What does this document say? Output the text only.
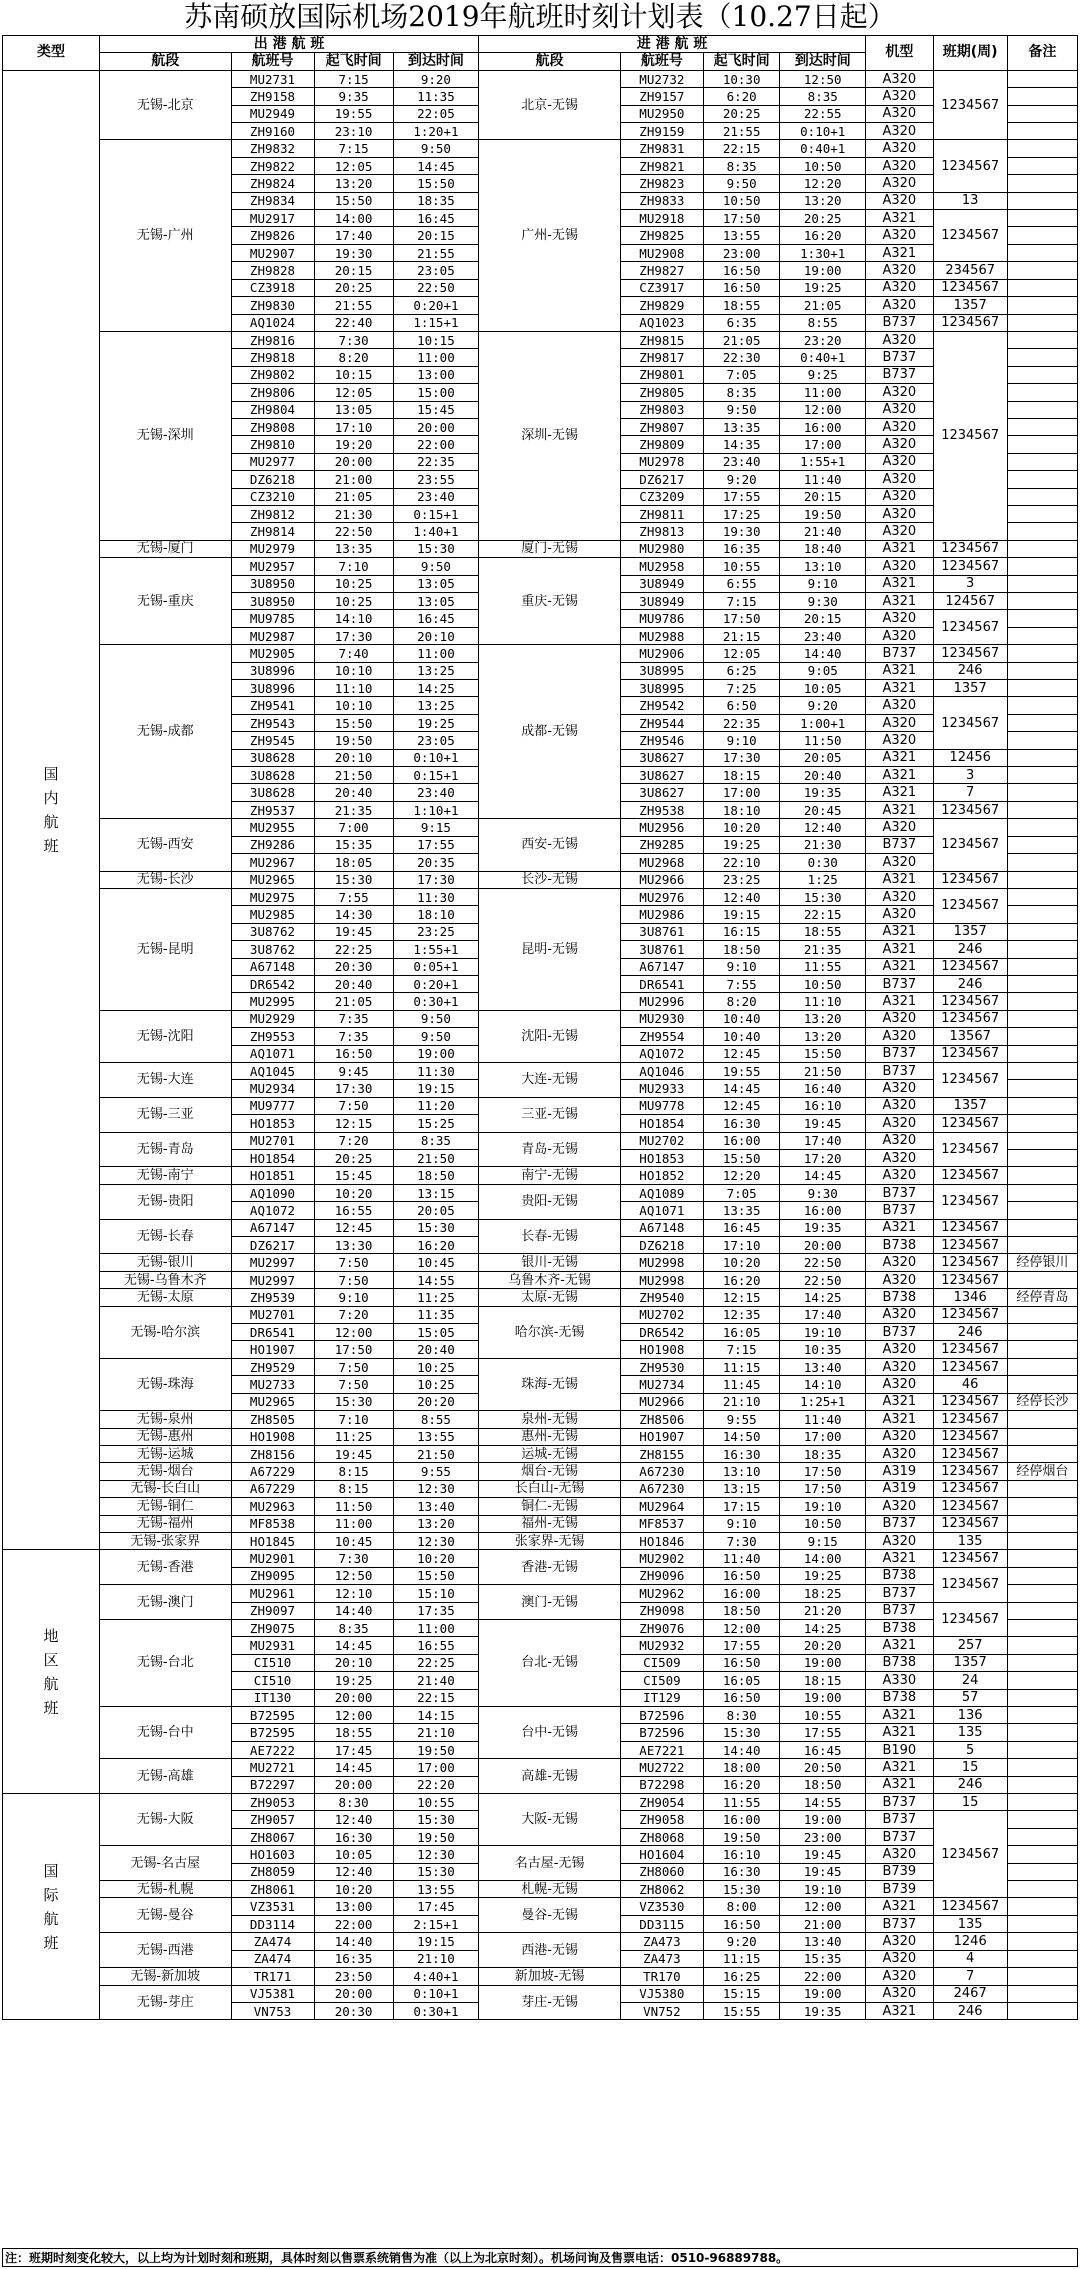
苏南硕放国际机场2019年航班时刻计划表（10.27日起）
类型	出 港 航 班				进 港 航 班				机型	班期(周)	备注
	航段	航班号	起飞时间	到达时间	航段	航班号	起飞时间	到达时间			
国
内
航
班	无锡-北京	MU2731	7:15	9:20	北京-无锡	MU2732	10:30	12:50	A320	1234567	
		ZH9158	9:35	11:35		ZH9157	6:20	8:35	A320		
		MU2949	19:55	22:05		MU2950	20:25	22:55	A320		
		ZH9160	23:10	1:20+1		ZH9159	21:55	0:10+1	A320		
	无锡-广州	ZH9832	7:15	9:50	广州-无锡	ZH9831	22:15	0:40+1	A320	1234567	
		ZH9822	12:05	14:45		ZH9821	8:35	10:50	A320		
		ZH9824	13:20	15:50		ZH9823	9:50	12:20	A320		
		ZH9834	15:50	18:35		ZH9833	10:50	13:20	A320	13	
		MU2917	14:00	16:45		MU2918	17:50	20:25	A321	1234567	
		ZH9826	17:40	20:15		ZH9825	13:55	16:20	A320		
		MU2907	19:30	21:55		MU2908	23:00	1:30+1	A321		
		ZH9828	20:15	23:05		ZH9827	16:50	19:00	A320	234567	
		CZ3918	20:25	22:50		CZ3917	16:50	19:25	A320	1234567	
		ZH9830	21:55	0:20+1		ZH9829	18:55	21:05	A320	1357	
		AQ1024	22:40	1:15+1		AQ1023	6:35	8:55	B737	1234567	
	无锡-深圳	ZH9816	7:30	10:15	深圳-无锡	ZH9815	21:05	23:20	A320	1234567	
		ZH9818	8:20	11:00		ZH9817	22:30	0:40+1	B737		
		ZH9802	10:15	13:00		ZH9801	7:05	9:25	B737		
		ZH9806	12:05	15:00		ZH9805	8:35	11:00	A320		
		ZH9804	13:05	15:45		ZH9803	9:50	12:00	A320		
		ZH9808	17:10	20:00		ZH9807	13:35	16:00	A320		
		ZH9810	19:20	22:00		ZH9809	14:35	17:00	A320		
		MU2977	20:00	22:35		MU2978	23:40	1:55+1	A320		
		DZ6218	21:00	23:55		DZ6217	9:20	11:40	A320		
		CZ3210	21:05	23:40		CZ3209	17:55	20:15	A320		
		ZH9812	21:30	0:15+1		ZH9811	17:25	19:50	A320		
		ZH9814	22:50	1:40+1		ZH9813	19:30	21:40	A320		
	无锡-厦门	MU2979	13:35	15:30	厦门-无锡	MU2980	16:35	18:40	A321	1234567	
	无锡-重庆	MU2957	7:10	9:50	重庆-无锡	MU2958	10:55	13:10	A320	1234567	
		3U8950	10:25	13:05		3U8949	6:55	9:10	A321	3	
		3U8950	10:25	13:05		3U8949	7:15	9:30	A321	124567	
		MU9785	14:10	16:45		MU9786	17:50	20:15	A320	1234567	
		MU2987	17:30	20:10		MU2988	21:15	23:40	A320		
	无锡-成都	MU2905	7:40	11:00	成都-无锡	MU2906	12:05	14:40	B737	1234567	
		3U8996	10:10	13:25		3U8995	6:25	9:05	A321	246	
		3U8996	11:10	14:25		3U8995	7:25	10:05	A321	1357	
		ZH9541	10:10	13:25		ZH9542	6:50	9:20	A320	1234567	
		ZH9543	15:50	19:25		ZH9544	22:35	1:00+1	A320		
		ZH9545	19:50	23:05		ZH9546	9:10	11:50	A320		
		3U8628	20:10	0:10+1		3U8627	17:30	20:05	A321	12456	
		3U8628	21:50	0:15+1		3U8627	18:15	20:40	A321	3	
		3U8628	20:40	23:40		3U8627	17:00	19:35	A321	7	
		ZH9537	21:35	1:10+1		ZH9538	18:10	20:45	A321	1234567	
	无锡-西安	MU2955	7:00	9:15	西安-无锡	MU2956	10:20	12:40	A320	1234567	
		ZH9286	15:35	17:55		ZH9285	19:25	21:30	B737		
		MU2967	18:05	20:35		MU2968	22:10	0:30	A320		
	无锡-长沙	MU2965	15:30	17:30	长沙-无锡	MU2966	23:25	1:25	A321	1234567	
	无锡-昆明	MU2975	7:55	11:30	昆明-无锡	MU2976	12:40	15:30	A320	1234567	
		MU2985	14:30	18:10		MU2986	19:15	22:15	A320		
		3U8762	19:45	23:25		3U8761	16:15	18:55	A321	1357	
		3U8762	22:25	1:55+1		3U8761	18:50	21:35	A321	246	
		A67148	20:30	0:05+1		A67147	9:10	11:55	A321	1234567	
		DR6542	20:40	0:20+1		DR6541	7:55	10:50	B737	246	
		MU2995	21:05	0:30+1		MU2996	8:20	11:10	A321	1234567	
	无锡-沈阳	MU2929	7:35	9:50	沈阳-无锡	MU2930	10:40	13:20	A320	1234567	
		ZH9553	7:35	9:50		ZH9554	10:40	13:20	A320	13567	
		AQ1071	16:50	19:00		AQ1072	12:45	15:50	B737	1234567	
	无锡-大连	AQ1045	9:45	11:30	大连-无锡	AQ1046	19:55	21:50	B737	1234567	
		MU2934	17:30	19:15		MU2933	14:45	16:40	A320		
	无锡-三亚	MU9777	7:50	11:20	三亚-无锡	MU9778	12:45	16:10	A320	1357	
		HO1853	12:15	15:25		HO1854	16:30	19:45	A320	1234567	
	无锡-青岛	MU2701	7:20	8:35	青岛-无锡	MU2702	16:00	17:40	A320	1234567	
		HO1854	20:25	21:50		HO1853	15:50	17:20	A320		
	无锡-南宁	HO1851	15:45	18:50	南宁-无锡	HO1852	12:20	14:45	A320	1234567	
	无锡-贵阳	AQ1090	10:20	13:15	贵阳-无锡	AQ1089	7:05	9:30	B737	1234567	
		AQ1072	16:55	20:05		AQ1071	13:35	16:00	B737		
	无锡-长春	A67147	12:45	15:30	长春-无锡	A67148	16:45	19:35	A321	1234567	
		DZ6217	13:30	16:20		DZ6218	17:10	20:00	B738	1234567	
	无锡-银川	MU2997	7:50	10:45	银川-无锡	MU2998	10:20	22:50	A320	1234567	经停银川
	无锡-乌鲁木齐	MU2997	7:50	14:55	乌鲁木齐-无锡	MU2998	16:20	22:50	A320	1234567	
	无锡-太原	ZH9539	9:10	11:25	太原-无锡	ZH9540	12:15	14:25	B738	1346	经停青岛
	无锡-哈尔滨	MU2701	7:20	11:35	哈尔滨-无锡	MU2702	12:35	17:40	A320	1234567	
		DR6541	12:00	15:05		DR6542	16:05	19:10	B737	246	
		HO1907	17:50	20:40		HO1908	7:15	10:35	A320	1234567	
	无锡-珠海	ZH9529	7:50	10:25	珠海-无锡	ZH9530	11:15	13:40	A320	1234567	
		MU2733	7:50	10:25		MU2734	11:45	14:10	A320	46	
		MU2965	15:30	20:20		MU2966	21:10	1:25+1	A321	1234567	经停长沙
	无锡-泉州	ZH8505	7:10	8:55	泉州-无锡	ZH8506	9:55	11:40	A321	1234567	
	无锡-惠州	HO1908	11:25	13:55	惠州-无锡	HO1907	14:50	17:00	A320	1234567	
	无锡-运城	ZH8156	19:45	21:50	运城-无锡	ZH8155	16:30	18:35	A320	1234567	
	无锡-烟台	A67229	8:15	9:55	烟台-无锡	A67230	13:10	17:50	A319	1234567	经停烟台
	无锡-长白山	A67229	8:15	12:30	长白山-无锡	A67230	13:15	17:50	A319	1234567	
	无锡-铜仁	MU2963	11:50	13:40	铜仁-无锡	MU2964	17:15	19:10	A320	1234567	
	无锡-福州	MF8538	11:00	13:20	福州-无锡	MF8537	9:10	10:50	B737	1234567	
	无锡-张家界	HO1845	10:45	12:30	张家界-无锡	HO1846	7:30	9:15	A320	135	
地
区
航
班	无锡-香港	MU2901	7:30	10:20	香港-无锡	MU2902	11:40	14:00	A321	1234567	
		ZH9095	12:50	15:50		ZH9096	16:50	19:25	B738	1234567	
	无锡-澳门	MU2961	12:10	15:10	澳门-无锡	MU2962	16:00	18:25	B737		
		ZH9097	14:40	17:35		ZH9098	18:50	21:20	B737	1234567	
	无锡-台北	ZH9075	8:35	11:00	台北-无锡	ZH9076	12:00	14:25	B738		
		MU2931	14:45	16:55		MU2932	17:55	20:20	A321	257	
		CI510	20:10	22:25		CI509	16:50	19:00	B738	1357	
		CI510	19:25	21:40		CI509	16:05	18:15	A330	24	
		IT130	20:00	22:15		IT129	16:50	19:00	B738	57	
	无锡-台中	B72595	12:00	14:15	台中-无锡	B72596	8:30	10:55	A321	136	
		B72595	18:55	21:10		B72596	15:30	17:55	A321	135	
		AE7222	17:45	19:50		AE7221	14:40	16:45	B190	5	
	无锡-高雄	MU2721	14:45	17:00	高雄-无锡	MU2722	18:00	20:50	A321	15	
		B72297	20:00	22:20		B72298	16:20	18:50	A321	246	
国
际
航
班	无锡-大阪	ZH9053	8:30	10:55	大阪-无锡	ZH9054	11:55	14:55	B737	15	
		ZH9057	12:40	15:30		ZH9058	16:00	19:00	B737	1234567	
		ZH8067	16:30	19:50		ZH8068	19:50	23:00	B737		
	无锡-名古屋	HO1603	10:05	12:30	名古屋-无锡	HO1604	16:10	19:45	A320		
		ZH8059	12:40	15:30		ZH8060	16:30	19:45	B739		
	无锡-札幌	ZH8061	10:20	13:55	札幌-无锡	ZH8062	15:30	19:10	B739		
	无锡-曼谷	VZ3531	13:00	17:45	曼谷-无锡	VZ3530	8:00	12:00	A321	1234567	
		DD3114	22:00	2:15+1		DD3115	16:50	21:00	B737	135	
	无锡-西港	ZA474	14:40	19:15	西港-无锡	ZA473	9:20	13:40	A320	1246	
		ZA474	16:35	21:10		ZA473	11:15	15:35	A320	4	
	无锡-新加坡	TR171	23:50	4:40+1	新加坡-无锡	TR170	16:25	22:00	A320	7	
	无锡-芽庄	VJ5381	20:00	0:10+1	芽庄-无锡	VJ5380	15:15	19:00	A320	2467	
		VN753	20:30	0:30+1		VN752	15:55	19:35	A321	246	
注：班期时刻变化较大，以上均为计划时刻和班期，具体时刻以售票系统销售为准（以上为北京时刻）。机场问询及售票电话：0510-96889788。
